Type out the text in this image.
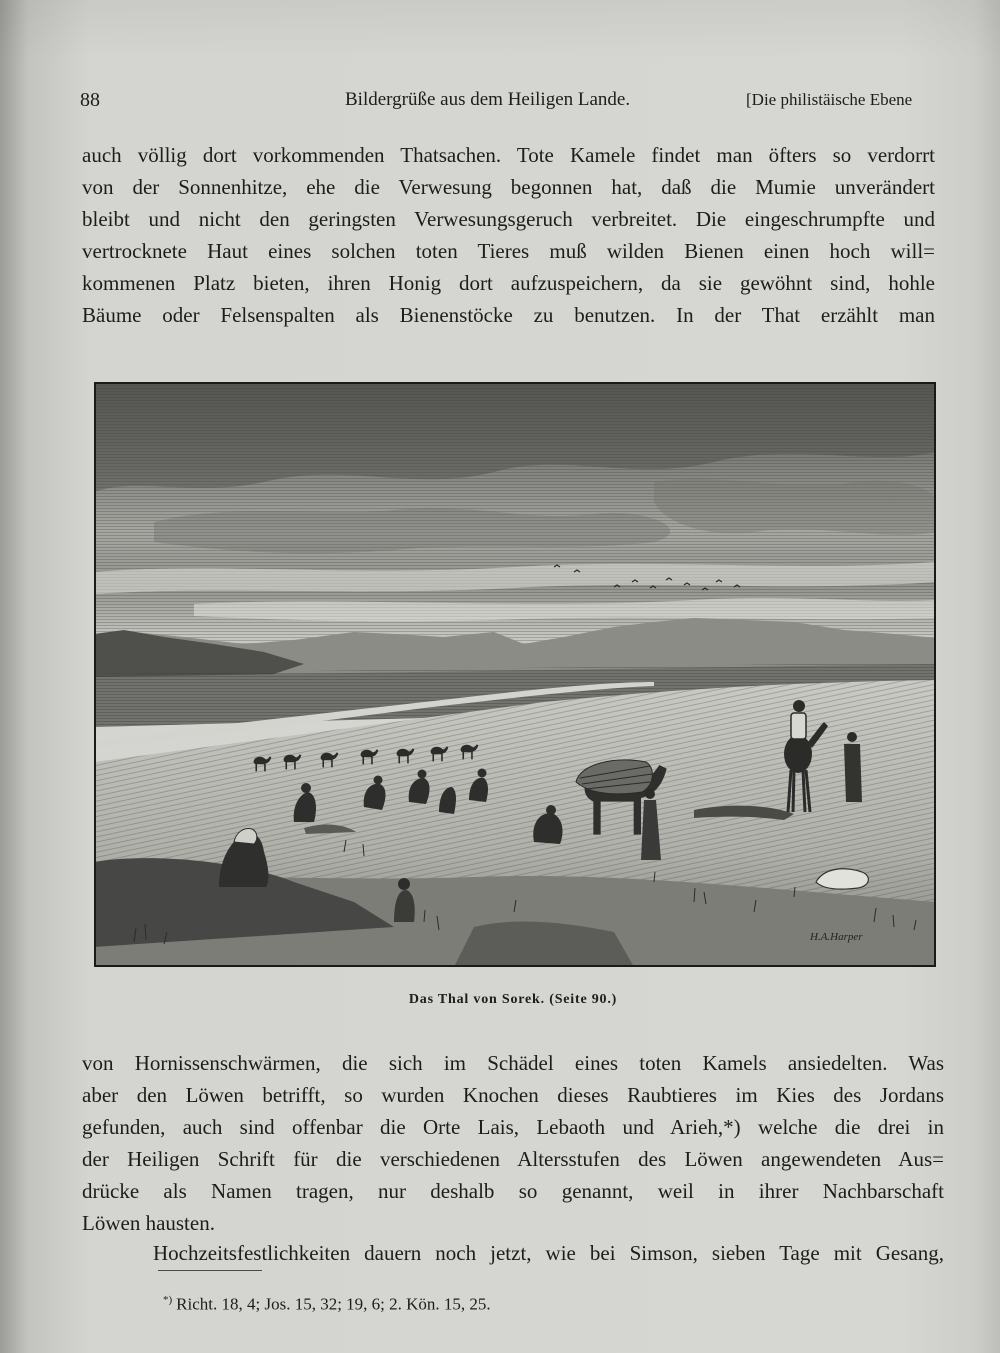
88	Bildergrüße aus dem Heiligen Lande.	[Die philistäische Ebene
auch völlig dort vorkommenden Thatsachen. Tote Kamele findet man öfters so verdorrt
von der Sonnenhitze, ehe die Verwesung begonnen hat, daß die Mumie unverändert
bleibt und nicht den geringsten Verwesungsgeruch verbreitet. Die eingeschrumpfte und
vertrocknete Haut eines solchen toten Tieres muß wilden Bienen einen hoch will=
kommenen Platz bieten, ihren Honig dort aufzuspeichern, da sie gewöhnt sind, hohle
Bäume oder Felsenspalten als Bienenstöcke zu benutzen. In der That erzählt man
H.A.Harper
Das Thal von Sorek. (Seite 90.)
von Hornissenschwärmen, die sich im Schädel eines toten Kamels ansiedelten. Was
aber den Löwen betrifft, so wurden Knochen dieses Raubtieres im Kies des Jordans
gefunden, auch sind offenbar die Orte Lais, Lebaoth und Arieh,*) welche die drei in
der Heiligen Schrift für die verschiedenen Altersstufen des Löwen angewendeten Aus=
drücke als Namen tragen, nur deshalb so genannt, weil in ihrer Nachbarschaft
Löwen hausten.
Hochzeitsfestlichkeiten dauern noch jetzt, wie bei Simson, sieben Tage mit Gesang,
*) Richt. 18, 4; Jos. 15, 32; 19, 6; 2. Kön. 15, 25.
